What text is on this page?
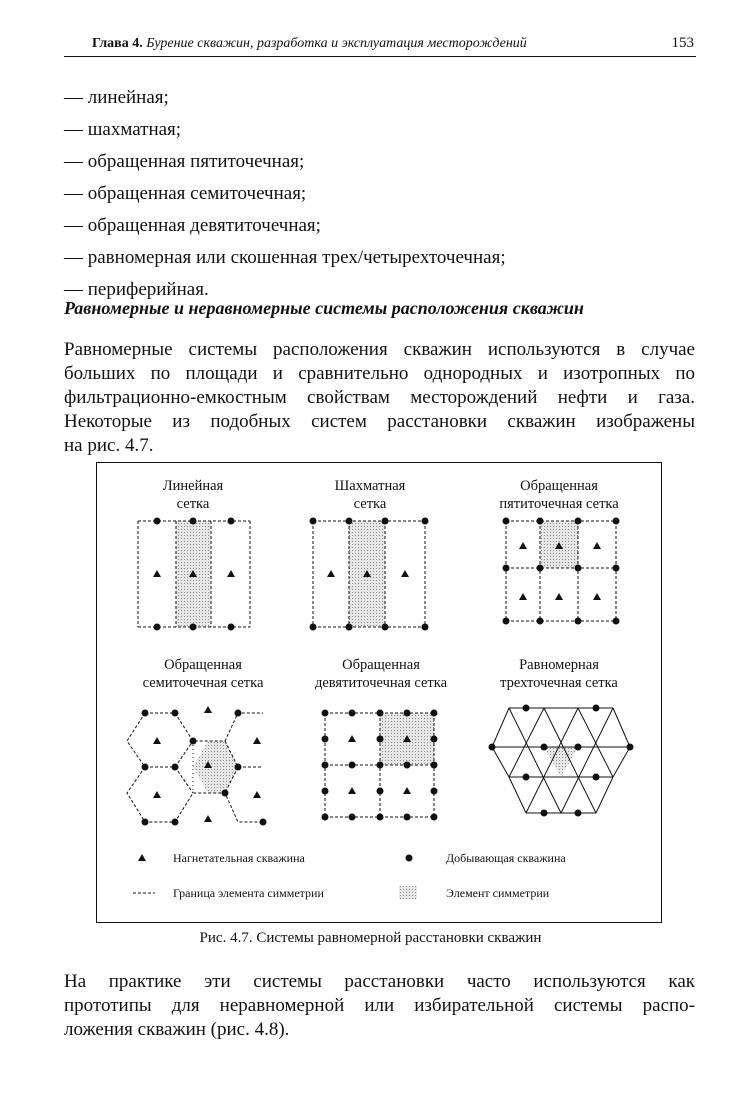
Глава 4. Бурение скважин, разработка и эксплуатация месторождений	153
— линейная;
— шахматная;
— обращенная пятиточечная;
— обращенная семиточечная;
— обращенная девятиточечная;
— равномерная или скошенная трех/четырехточечная;
— периферийная.
Равномерные и неравномерные системы расположения скважин
Равномерные системы расположения скважин используются в случае
больших по площади и сравнительно однородных и изотропных по
фильтрационно-емкостным свойствам месторождений нефти и газа.
Некоторые из подобных систем расстановки скважин изображены
на рис. 4.7.
Линейная
сетка
Шахматная
сетка
Обращенная
пятиточечная сетка
Обращенная
семиточечная сетка
Обращенная
девятиточечная сетка
Равномерная
трехточечная сетка
Нагнетательная скважина	Добывающая скважина
Граница элемента симметрии	Элемент симметрии
Рис. 4.7. Системы равномерной расстановки скважин
На практике эти системы расстановки часто используются как
прототипы для неравномерной или избирательной системы распо-
ложения скважин (рис. 4.8).
